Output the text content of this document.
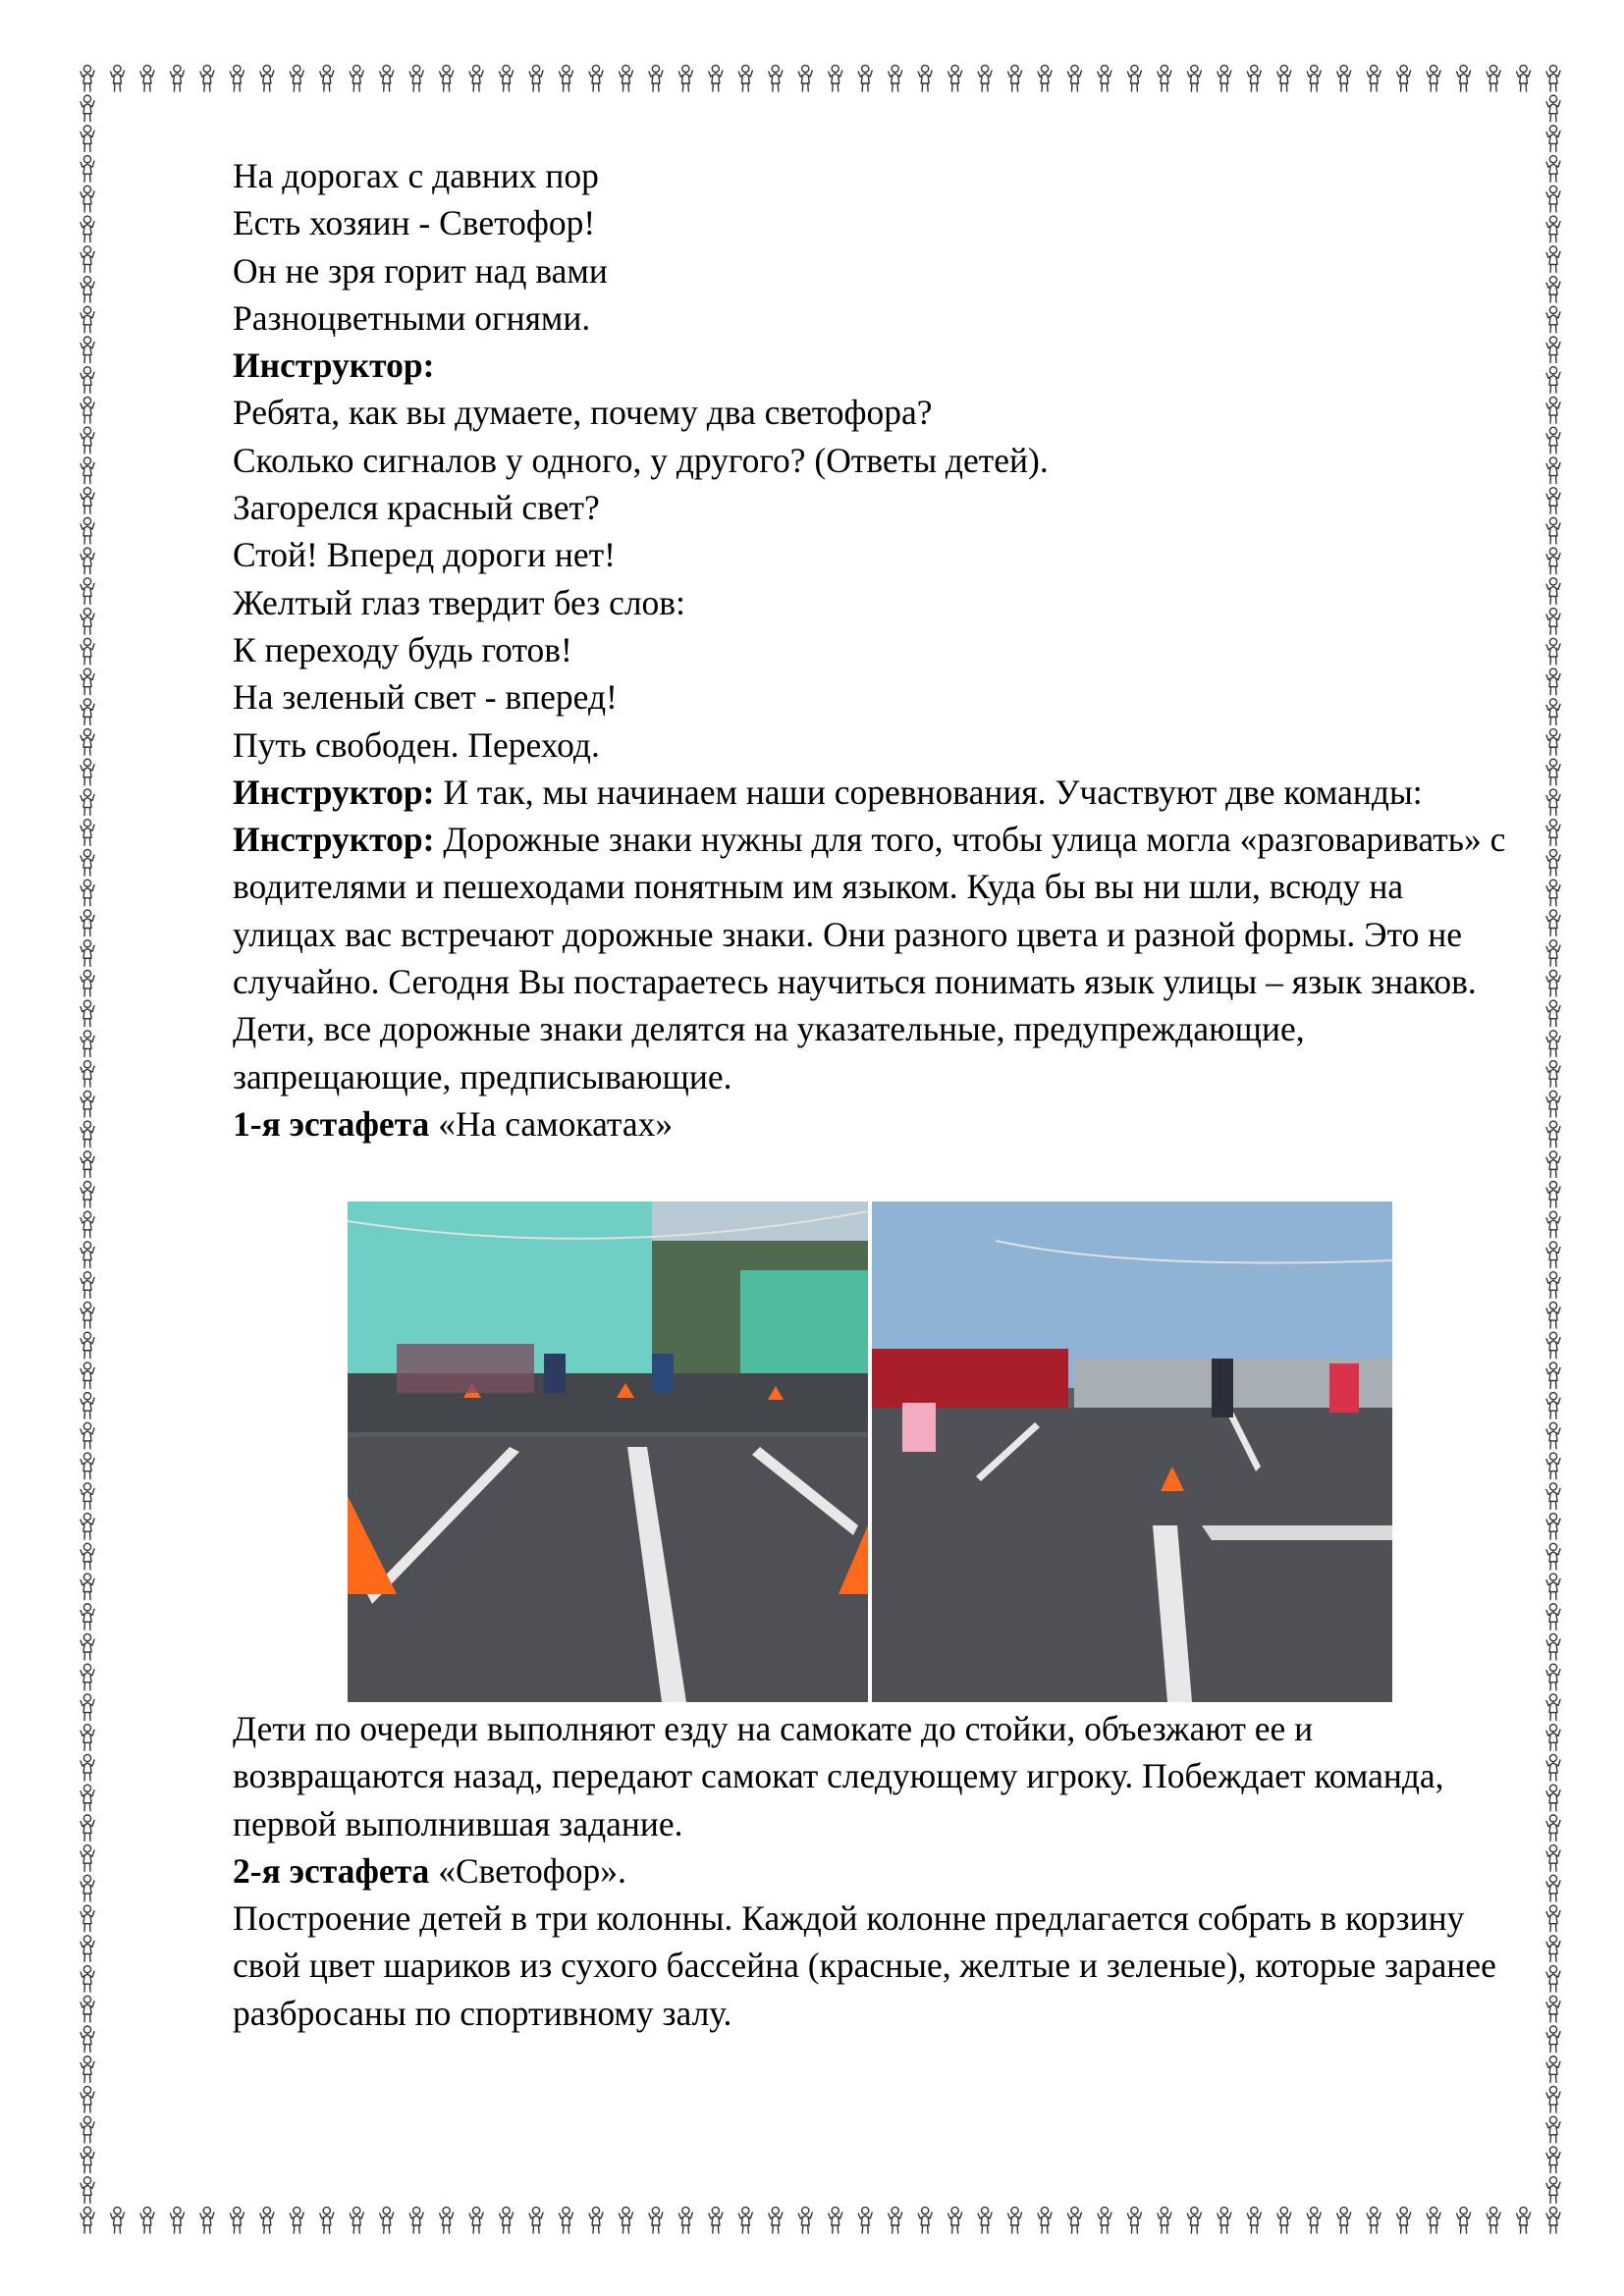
На дорогах с давних пор
Есть хозяин - Светофор!
Он не зря горит над вами
Разноцветными огнями.
Инструктор:
Ребята, как вы думаете, почему два светофора?
Сколько сигналов у одного, у другого? (Ответы детей).
Загорелся красный свет?
Стой! Вперед дороги нет!
Желтый глаз твердит без слов:
К переходу будь готов!
На зеленый свет - вперед!
Путь свободен. Переход.
Инструктор: И так, мы начинаем наши соревнования. Участвуют две команды:
Инструктор: Дорожные знаки нужны для того, чтобы улица могла «разговаривать» с водителями и пешеходами понятным им языком. Куда бы вы ни шли, всюду на улицах вас встречают дорожные знаки. Они разного цвета и разной формы. Это не случайно. Сегодня Вы постараетесь научиться понимать язык улицы – язык знаков. Дети, все дорожные знаки делятся на указательные, предупреждающие, запрещающие, предписывающие.
1-я эстафета «На самокатах»
Дети по очереди выполняют езду на самокате до стойки, объезжают ее и возвращаются назад, передают самокат следующему игроку. Побеждает команда, первой выполнившая задание.
2-я эстафета «Светофор».
Построение детей в три колонны. Каждой колонне предлагается собрать в корзину свой цвет шариков из сухого бассейна (красные, желтые и зеленые), которые заранее разбросаны по спортивному залу.
